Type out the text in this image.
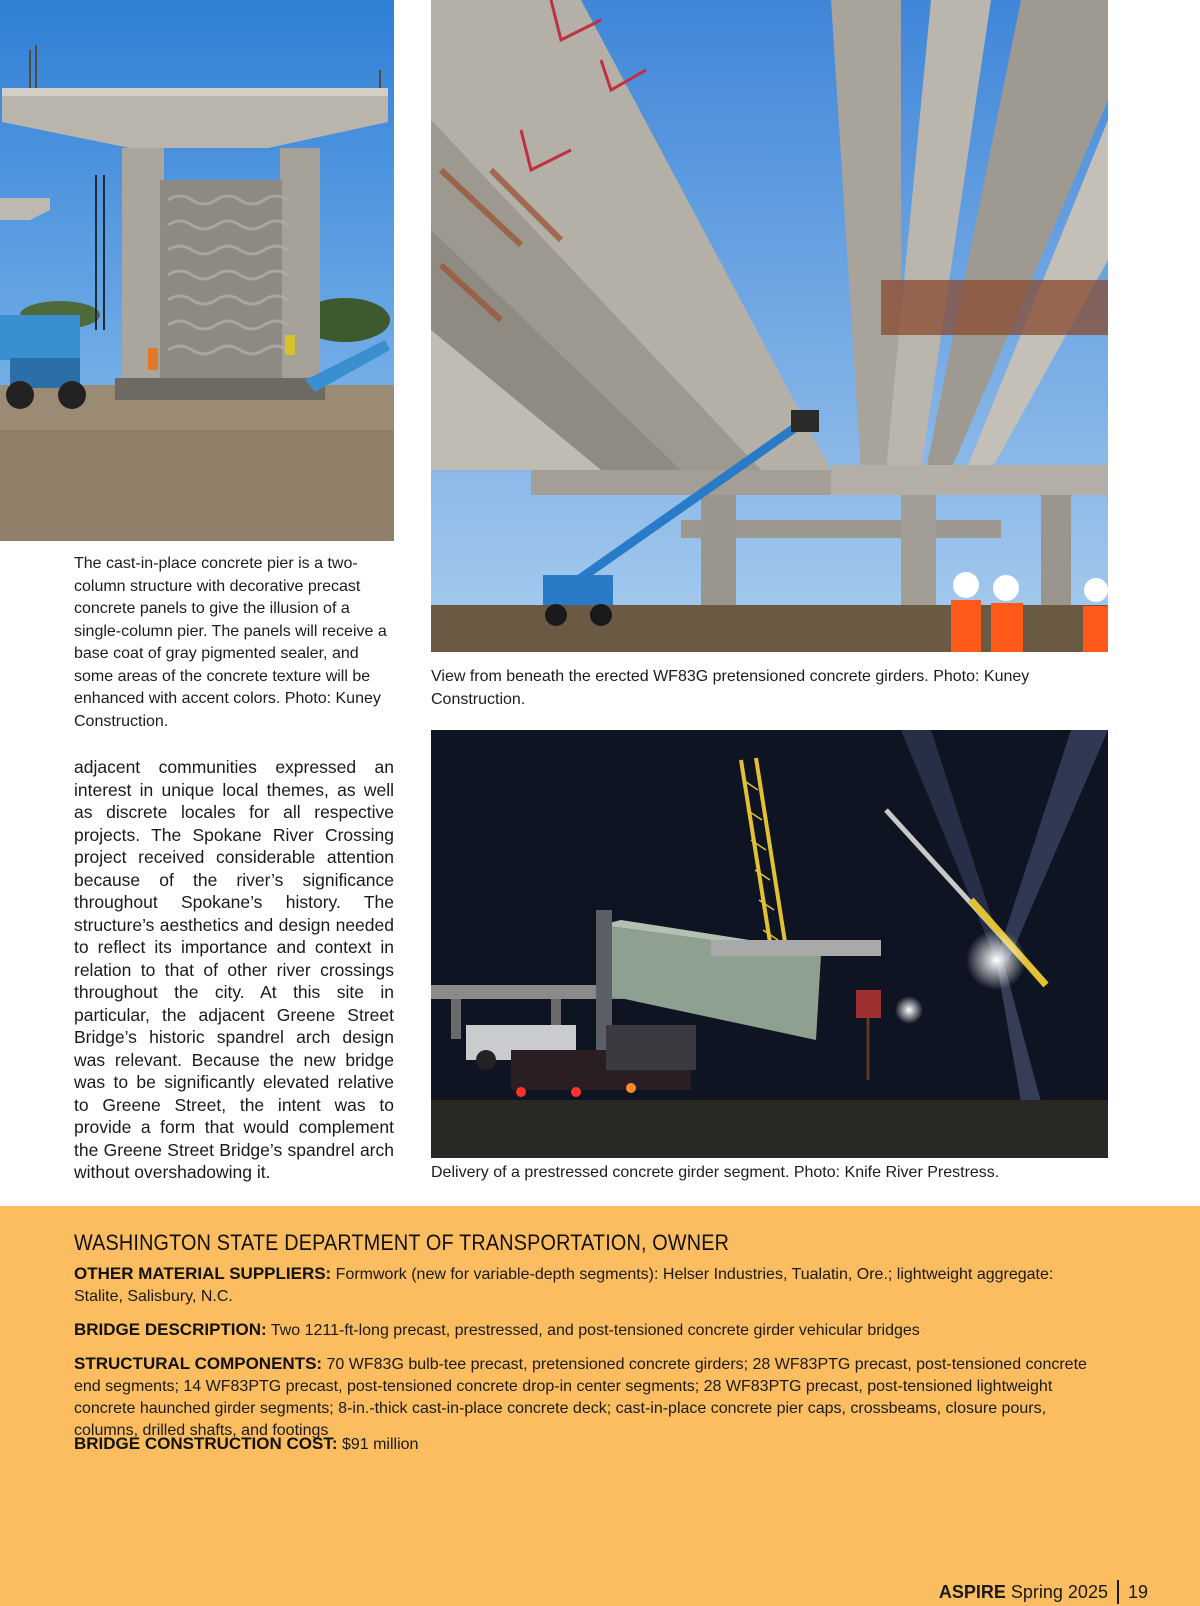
The cast-in-place concrete pier is a two-column structure with decorative precast concrete panels to give the illusion of a single-column pier. The panels will receive a base coat of gray pigmented sealer, and some areas of the concrete texture will be enhanced with accent colors. Photo: Kuney Construction.
View from beneath the erected WF83G pretensioned concrete girders. Photo: Kuney Construction.
Delivery of a prestressed concrete girder segment. Photo: Knife River Prestress.

adjacent communities expressed an interest in unique local themes, as well as discrete locales for all respective projects. The Spokane River Crossing project received considerable attention because of the river’s significance throughout Spokane’s history. The structure’s aesthetics and design needed to reflect its importance and context in relation to that of other river crossings throughout the city. At this site in particular, the adjacent Greene Street Bridge’s historic spandrel arch design was relevant. Because the new bridge was to be significantly elevated relative to Greene Street, the intent was to provide a form that would complement the Greene Street Bridge’s spandrel arch without overshadowing it.

WASHINGTON STATE DEPARTMENT OF TRANSPORTATION, OWNER

OTHER MATERIAL SUPPLIERS: Formwork (new for variable-depth segments): Helser Industries, Tualatin, Ore.; lightweight aggregate: Stalite, Salisbury, N.C.

BRIDGE DESCRIPTION: Two 1211-ft-long precast, prestressed, and post-tensioned concrete girder vehicular bridges

STRUCTURAL COMPONENTS: 70 WF83G bulb-tee precast, pretensioned concrete girders; 28 WF83PTG precast, post-tensioned concrete end segments; 14 WF83PTG precast, post-tensioned concrete drop-in center segments; 28 WF83PTG precast, post-tensioned lightweight concrete haunched girder segments; 8-in.-thick cast-in-place concrete deck; cast-in-place concrete pier caps, crossbeams, closure pours, columns, drilled shafts, and footings

BRIDGE CONSTRUCTION COST: $91 million

ASPIRE
Spring 2025 19
